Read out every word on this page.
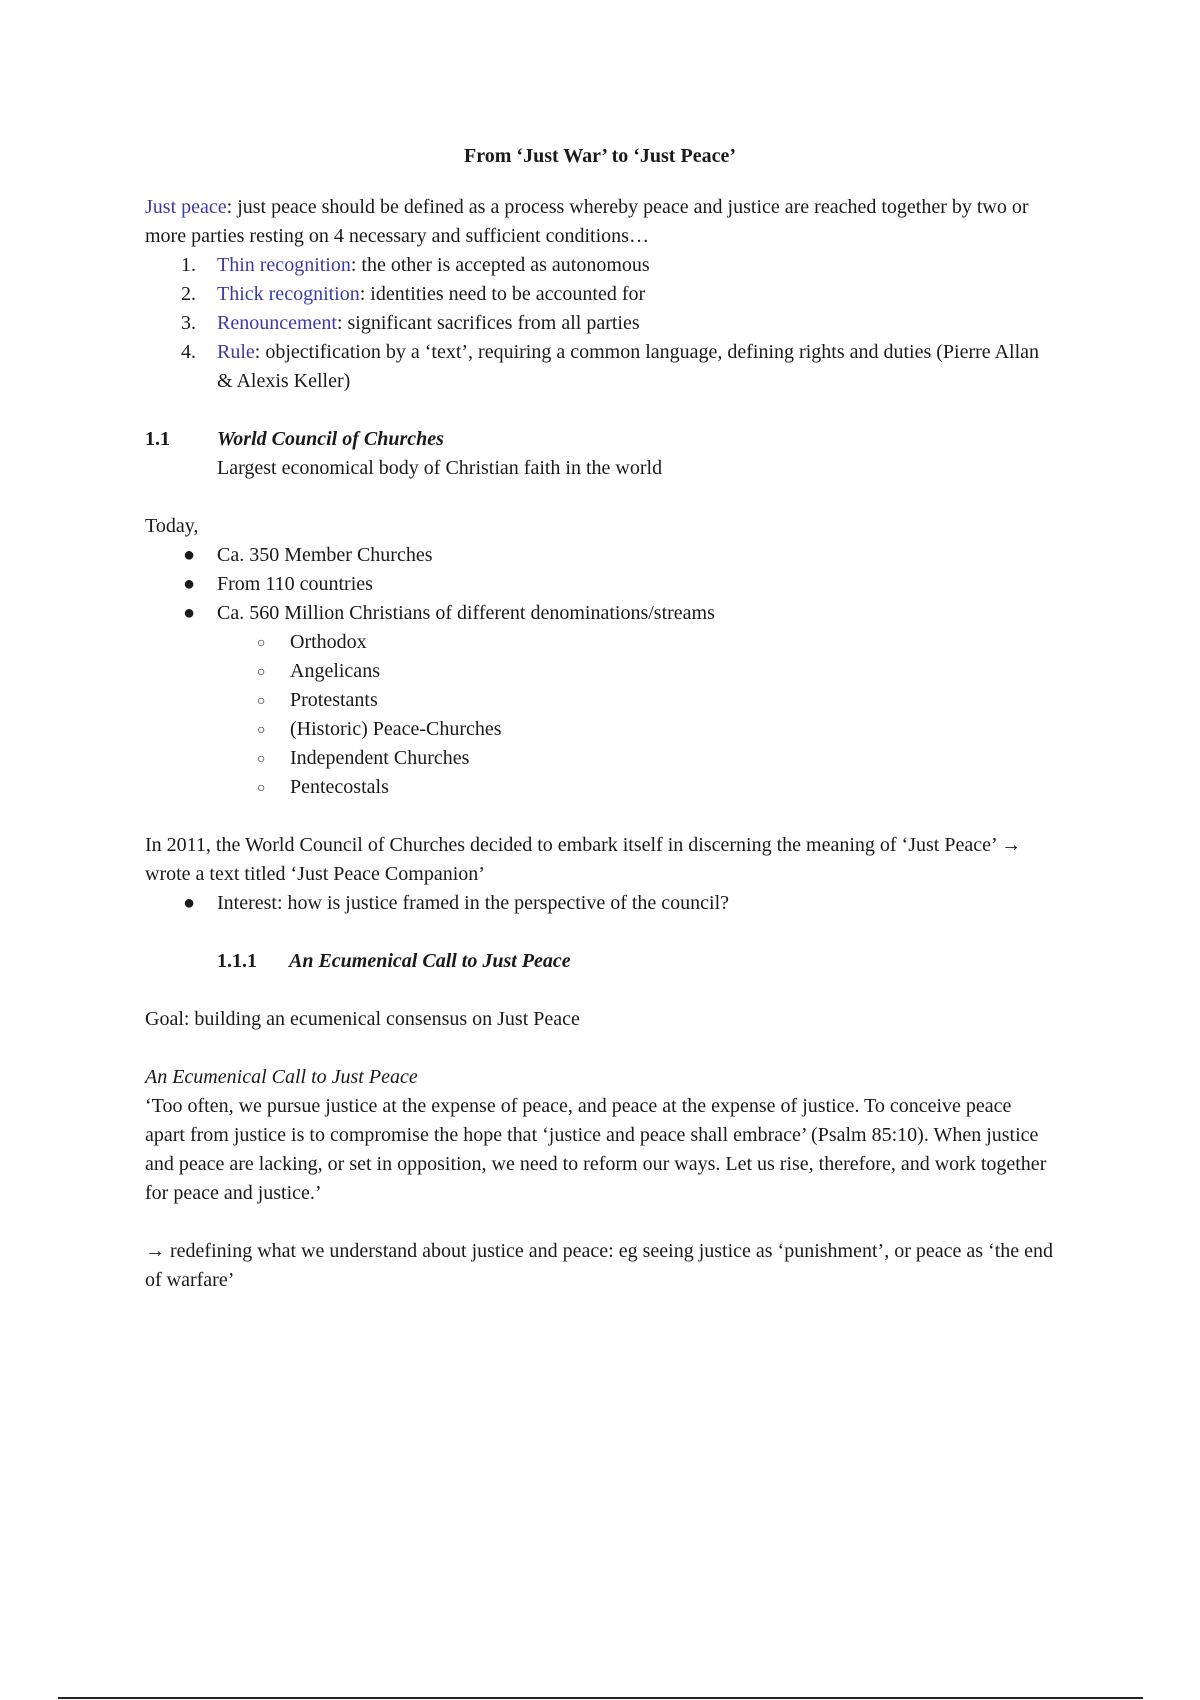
From ‘Just War’ to ‘Just Peace’

Just peace: just peace should be defined as a process whereby peace and justice are reached together by two or more parties resting on 4 necessary and sufficient conditions…

1. Thin recognition: the other is accepted as autonomous
2. Thick recognition: identities need to be accounted for
3. Renouncement: significant sacrifices from all parties
4. Rule: objectification by a ‘text’, requiring a common language, defining rights and duties (Pierre Allan & Alexis Keller)
1.1	World Council of Churches

Largest economical body of Christian faith in the world

Today,

● Ca. 350 Member Churches
● From 110 countries
● Ca. 560 Million Christians of different denominations/streams
○ Orthodox
○ Angelicans
○ Protestants
○ (Historic) Peace-Churches
○ Independent Churches
○ Pentecostals

In 2011, the World Council of Churches decided to embark itself in discerning the meaning of ‘Just Peace’ → wrote a text titled ‘Just Peace Companion’

● Interest: how is justice framed in the perspective of the council?
1.1.1	An Ecumenical Call to Just Peace

Goal: building an ecumenical consensus on Just Peace

An Ecumenical Call to Just Peace

‘Too often, we pursue justice at the expense of peace, and peace at the expense of justice. To conceive peace apart from justice is to compromise the hope that ‘justice and peace shall embrace’ (Psalm 85:10). When justice and peace are lacking, or set in opposition, we need to reform our ways. Let us rise, therefore, and work together for peace and justice.’

→ redefining what we understand about justice and peace: eg seeing justice as ‘punishment’, or peace as ‘the end of warfare’
